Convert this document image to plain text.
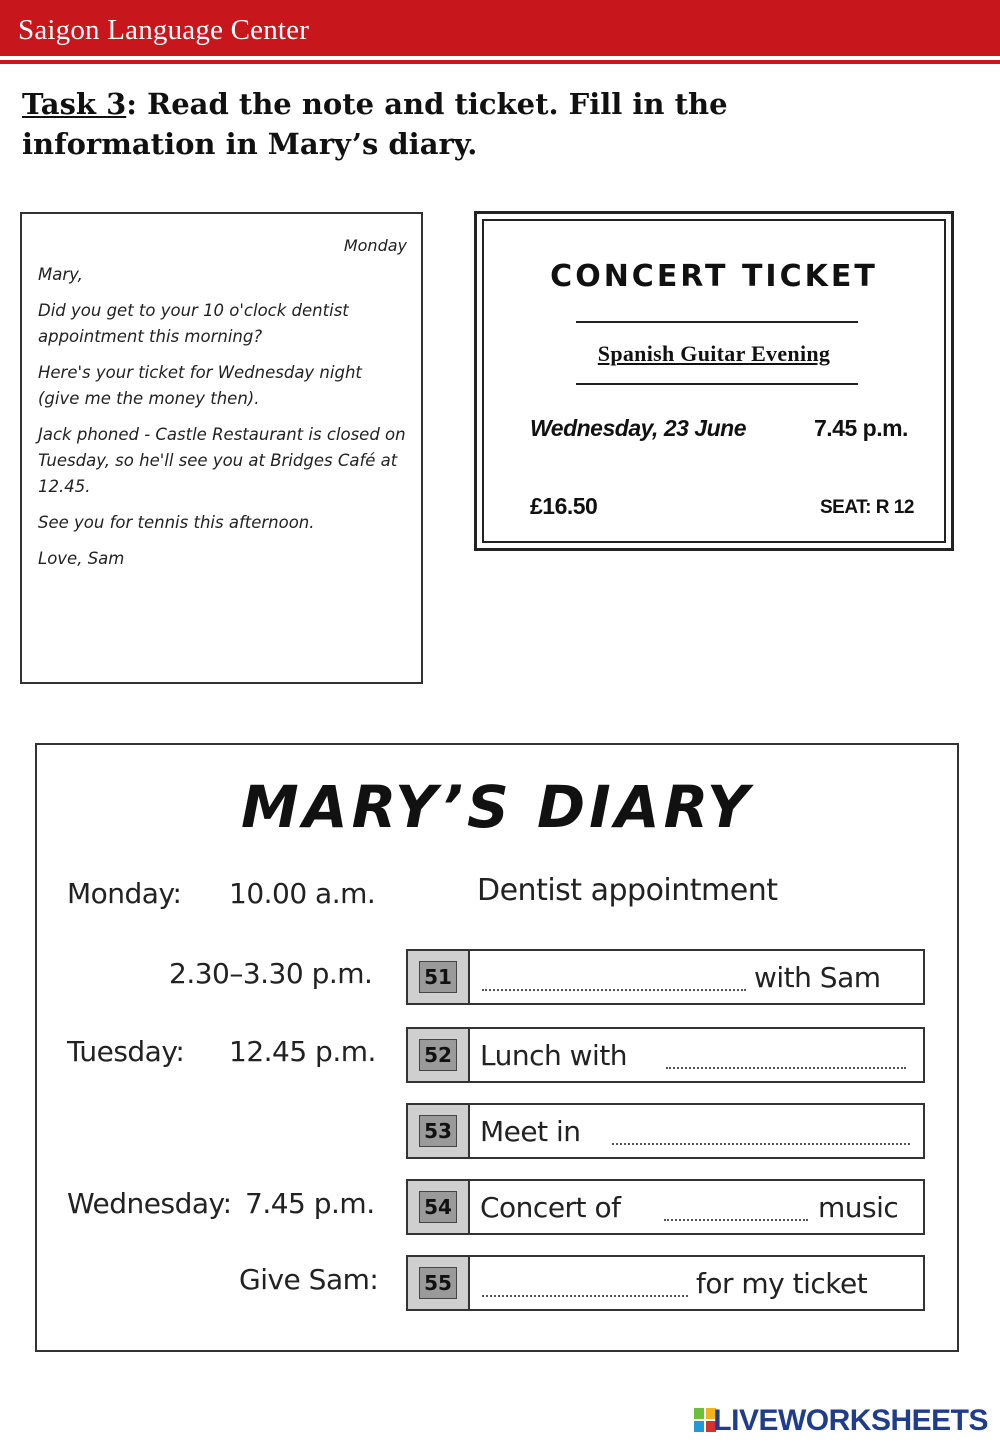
Saigon Language Center
Task 3: Read the note and ticket. Fill in the information in Mary’s diary.
Monday
Mary,
Did you get to your 10 o'clock dentist appointment this morning?
Here's your ticket for Wednesday night (give me the money then).
Jack phoned - Castle Restaurant is closed on Tuesday, so he'll see you at Bridges Café at 12.45.
See you for tennis this afternoon.
Love, Sam
CONCERT TICKET
Spanish Guitar Evening
Wednesday, 23 June	7.45 p.m.
£16.50	SEAT: R 12
MARY’S DIARY
Monday: 10.00 a.m.	Dentist appointment
2.30–3.30 p.m.	51	with Sam
Tuesday: 12.45 p.m. 52 Lunch with
53 Meet in
Wednesday: 7.45 p.m. 54 Concert of	music
Give Sam: 55	for my ticket
LIVEWORKSHEETS
